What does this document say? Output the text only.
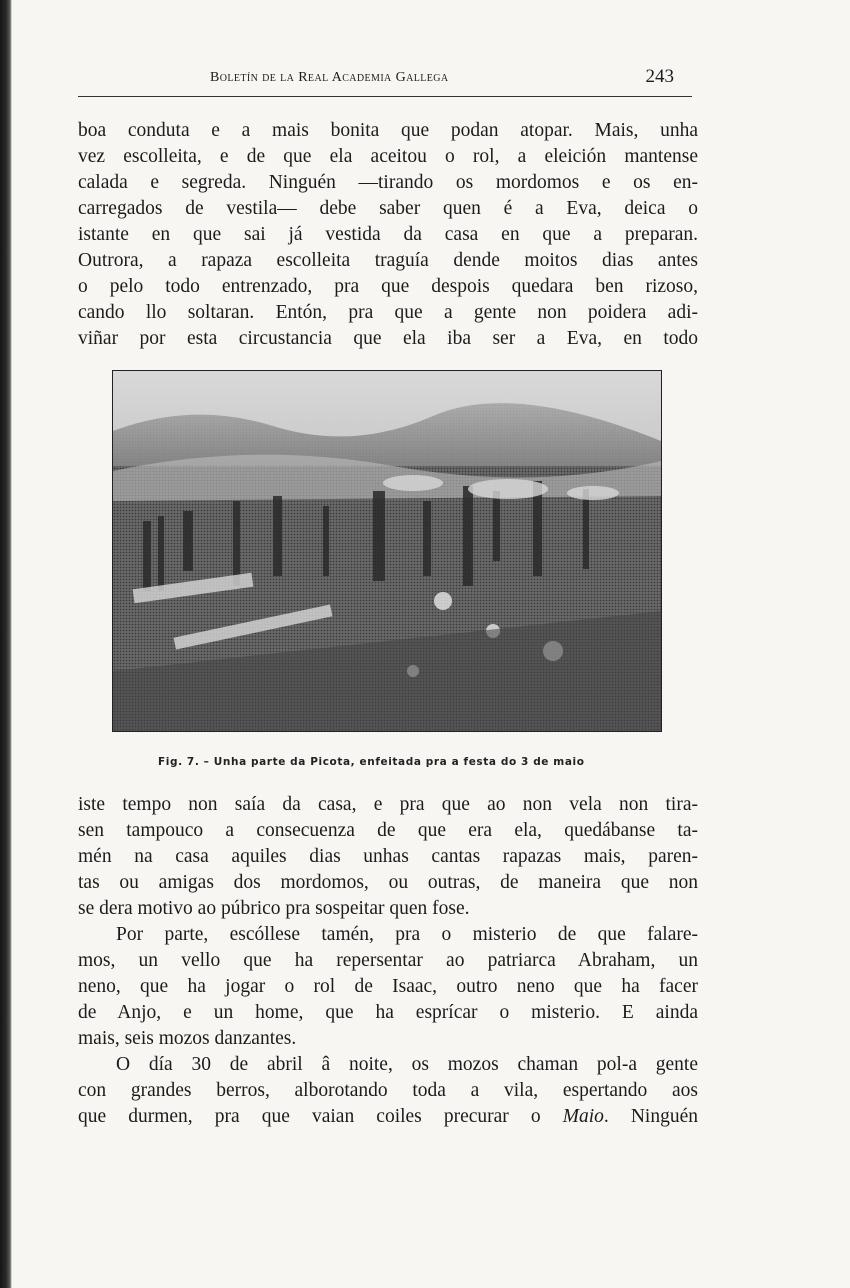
Boletín de la Real Academia Gallega	243

boa conduta e a mais bonita que podan atopar. Mais, unha
vez escolleita, e de que ela aceitou o rol, a eleición mantense
calada e segreda. Ninguén —tirando os mordomos e os en-
carregados de vestila— debe saber quen é a Eva, deica o
istante en que sai já vestida da casa en que a preparan.
Outrora, a rapaza escolleita traguía dende moitos dias antes
o pelo todo entrenzado, pra que despois quedara ben rizoso,
cando llo soltaran. Entón, pra que a gente non poidera adi-
viñar por esta circustancia que ela iba ser a Eva, en todo

Fig. 7. – Unha parte da Picota, enfeitada pra a festa do 3 de maio

iste tempo non saía da casa, e pra que ao non vela non tira-
sen tampouco a consecuenza de que era ela, quedábanse ta-
mén na casa aquiles dias unhas cantas rapazas mais, paren-
tas ou amigas dos mordomos, ou outras, de maneira que non
se dera motivo ao púbrico pra sospeitar quen fose.

Por parte, escóllese tamén, pra o misterio de que falare-
mos, un vello que ha repersentar ao patriarca Abraham, un
neno, que ha jogar o rol de Isaac, outro neno que ha facer
de Anjo, e un home, que ha esprícar o misterio. E ainda
mais, seis mozos danzantes.

O día 30 de abril â noite, os mozos chaman pol-a gente
con grandes berros, alborotando toda a vila, espertando aos
que durmen, pra que vaian coiles precurar o Maio. Ninguén
